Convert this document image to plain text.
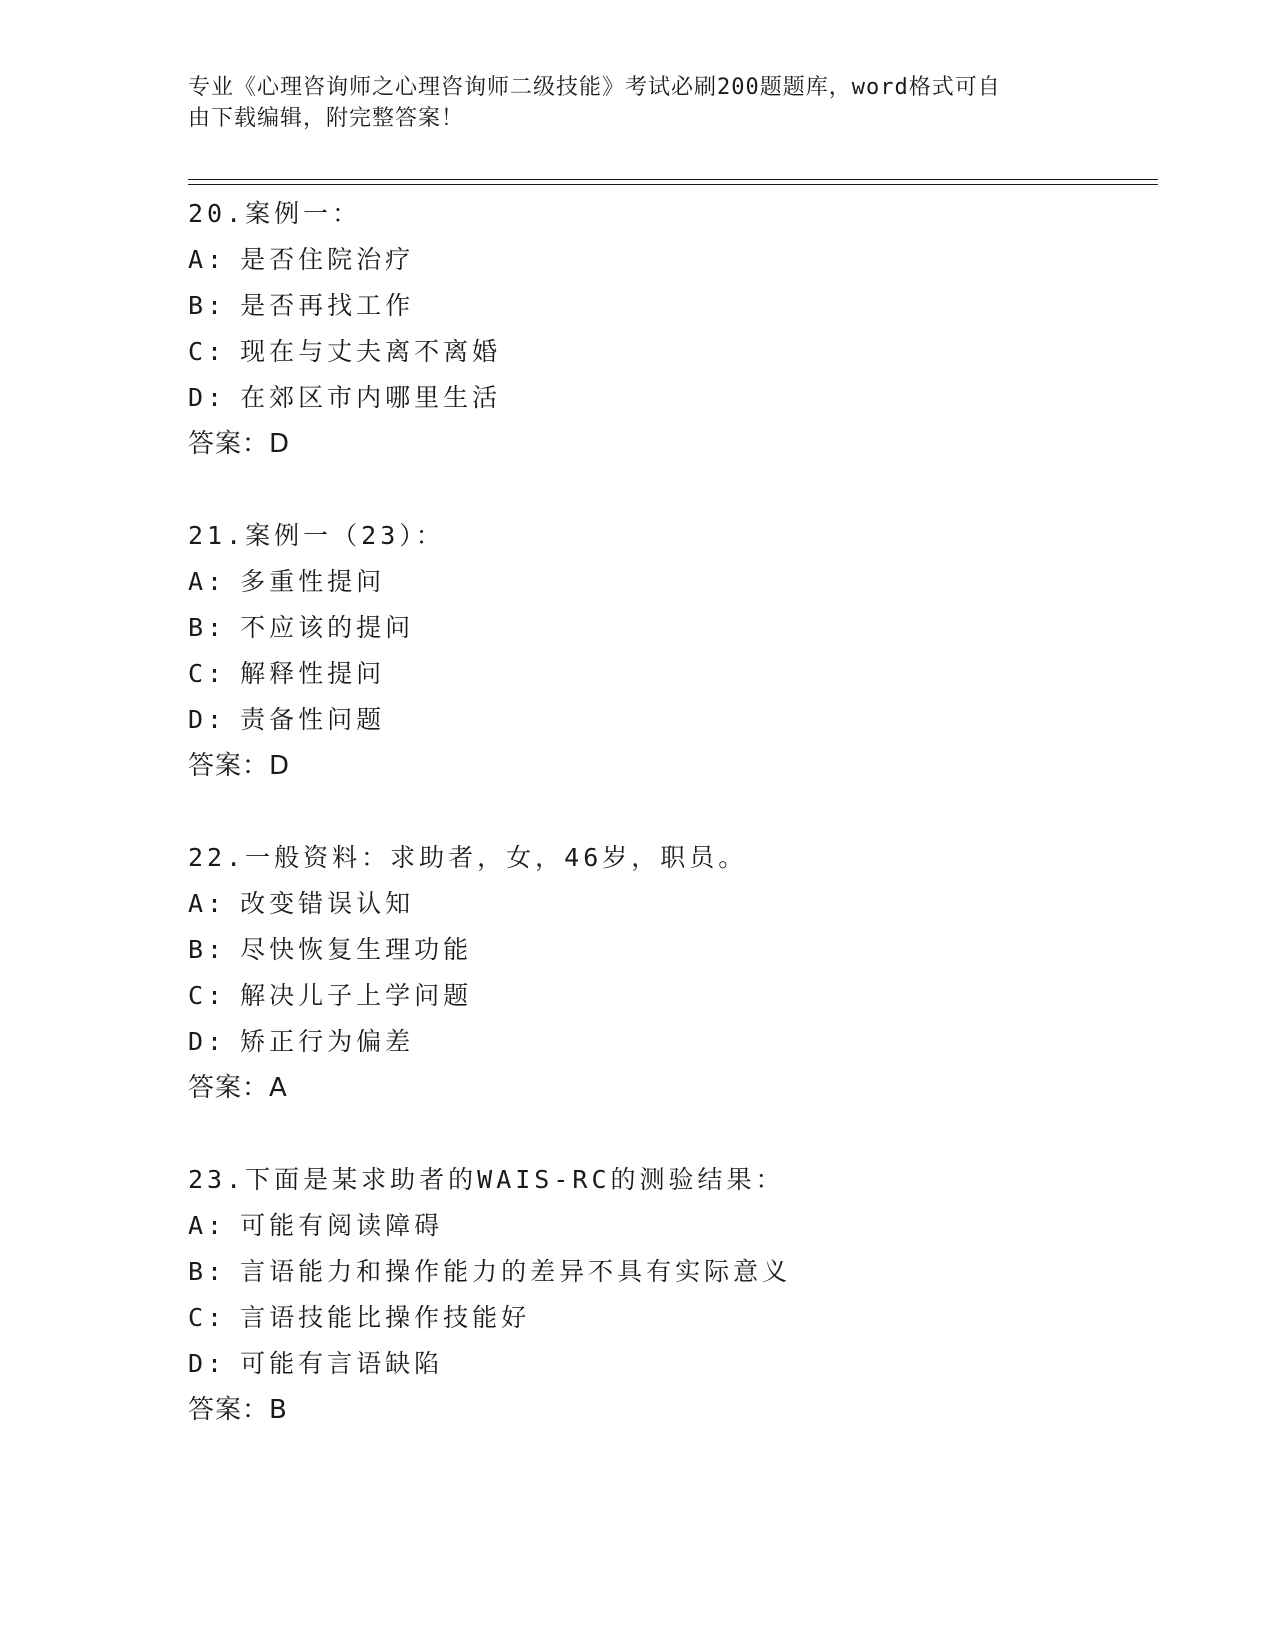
专业《心理咨询师之心理咨询师二级技能》考试必刷200题题库，word格式可自
由下载编辑，附完整答案！
20.案例一：
A: 是否住院治疗
B: 是否再找工作
C: 现在与丈夫离不离婚
D: 在郊区市内哪里生活
答案：D
21.案例一（23）：
A: 多重性提问
B: 不应该的提问
C: 解释性提问
D: 责备性问题
答案：D
22.一般资料：求助者，女，46岁，职员。
A: 改变错误认知
B: 尽快恢复生理功能
C: 解决儿子上学问题
D: 矫正行为偏差
答案：A
23.下面是某求助者的WAIS-RC的测验结果：
A: 可能有阅读障碍
B: 言语能力和操作能力的差异不具有实际意义
C: 言语技能比操作技能好
D: 可能有言语缺陷
答案：B
